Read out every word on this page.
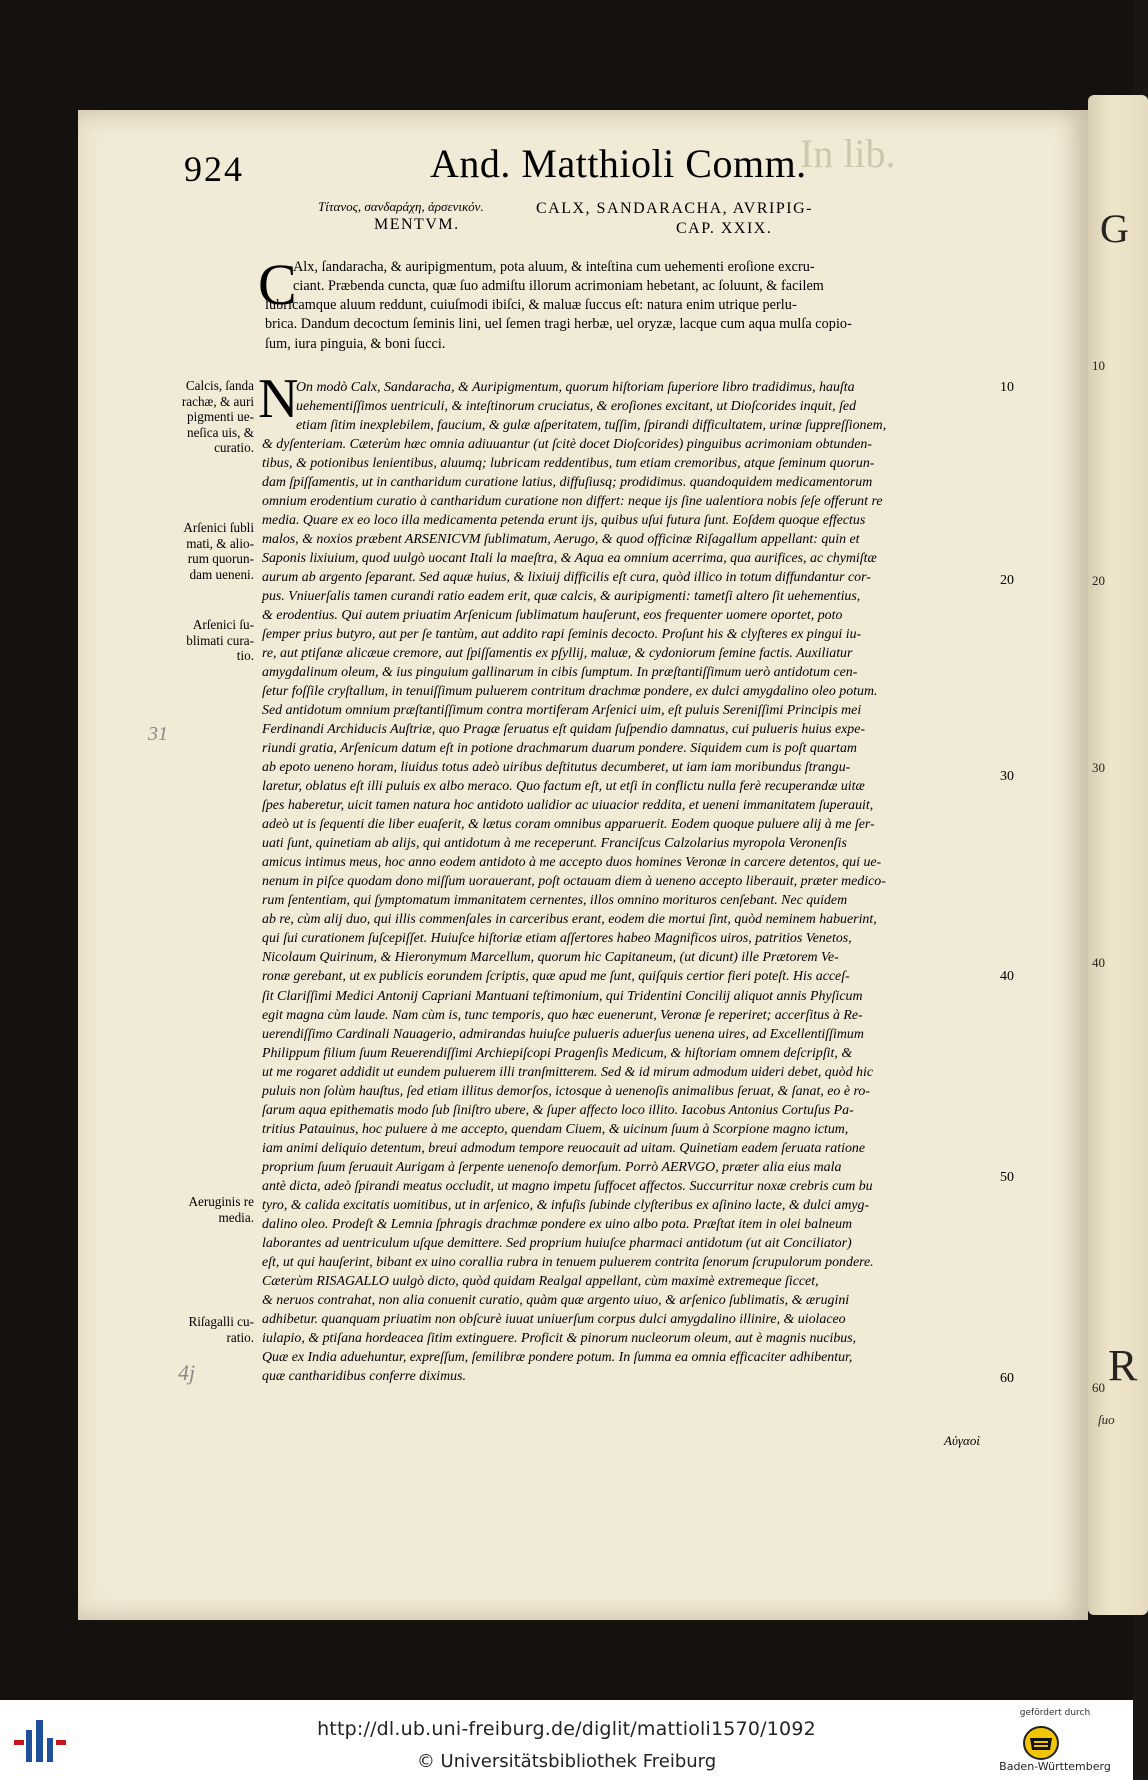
G
10
20
30
40
60 R
ſuo
924	And. Matthioli Comm.
In lib.
Τίτανος, σανδαράχη, ἀρσενικόν.
MENTVM.
CALX, SANDARACHA, AVRIPIG-
CAP. XXIX.
C
Alx, ſandaracha, & auripigmentum, pota aluum, & inteſtina cum uehementi eroſione excru-
ciant. Præbenda cuncta, quæ ſuo admiſtu illorum acrimoniam hebetant, ac ſoluunt, & facilem
lubricamque aluum reddunt, cuiuſmodi ibiſci, & maluæ ſuccus eſt: natura enim utrique perlu-
brica. Dandum decoctum ſeminis lini, uel ſemen tragi herbæ, uel oryzæ, lacque cum aqua mulſa copio-
ſum, iura pinguia, & boni ſucci.
N
On modò Calx, Sandaracha, & Auripigmentum, quorum hiſtoriam ſuperiore libro tradidimus, hauſta
uehementiſſimos uentriculi, & inteſtinorum cruciatus, & eroſiones excitant, ut Dioſcorides inquit, ſed
etiam ſitim inexplebilem, faucium, & gulæ aſperitatem, tuſſim, ſpirandi difficultatem, urinæ ſuppreſſionem,
& dyſenteriam. Cæterùm hæc omnia adiuuantur (ut ſcitè docet Dioſcorides) pinguibus acrimoniam obtunden-
tibus, & potionibus lenientibus, aluumq; lubricam reddentibus, tum etiam cremoribus, atque ſeminum quorun-
dam ſpiſſamentis, ut in cantharidum curatione latius, diffuſiusq; prodidimus. quandoquidem medicamentorum
omnium erodentium curatio à cantharidum curatione non differt: neque ijs ſine ualentiora nobis ſeſe offerunt re
media. Quare ex eo loco illa medicamenta petenda erunt ijs, quibus uſui futura ſunt. Eoſdem quoque effectus
malos, & noxios præbent ARSENICVM ſublimatum, Aerugo, & quod officinæ Riſagallum appellant: quin et
Saponis lixiuium, quod uulgò uocant Itali la maeſtra, & Aqua ea omnium acerrima, qua aurifices, ac chymiſtæ
aurum ab argento ſeparant. Sed aquæ huius, & lixiuij difficilis eſt cura, quòd illico in totum diffundantur cor-
pus. Vniuerſalis tamen curandi ratio eadem erit, quæ calcis, & auripigmenti: tametſi altero ſit uehementius,
& erodentius. Qui autem priuatim Arſenicum ſublimatum hauſerunt, eos frequenter uomere oportet, poto
ſemper prius butyro, aut per ſe tantùm, aut addito rapi ſeminis decocto. Proſunt his & clyſteres ex pingui iu-
re, aut ptiſanæ alicæue cremore, aut ſpiſſamentis ex pſyllij, maluæ, & cydoniorum ſemine factis. Auxiliatur
amygdalinum oleum, & ius pinguium gallinarum in cibis ſumptum. In præſtantiſſimum uerò antidotum cen-
ſetur foſſile cryſtallum, in tenuiſſimum puluerem contritum drachmæ pondere, ex dulci amygdalino oleo potum.
Sed antidotum omnium præſtantiſſimum contra mortiferam Arſenici uim, eſt puluis Sereniſſimi Principis mei
Ferdinandi Archiducis Auſtriæ, quo Pragæ ſeruatus eſt quidam ſuſpendio damnatus, cui pulueris huius expe-
riundi gratia, Arſenicum datum eſt in potione drachmarum duarum pondere. Siquidem cum is poſt quartam
ab epoto ueneno horam, liuidus totus adeò uiribus deſtitutus decumberet, ut iam iam moribundus ſtrangu-
laretur, oblatus eſt illi puluis ex albo meraco. Quo factum eſt, ut etſi in conflictu nulla ferè recuperandæ uitæ
ſpes haberetur, uicit tamen natura hoc antidoto ualidior ac uiuacior reddita, et ueneni immanitatem ſuperauit,
adeò ut is ſequenti die liber euaſerit, & lætus coram omnibus apparuerit. Eodem quoque puluere alij à me ſer-
uati ſunt, quinetiam ab alijs, qui antidotum à me receperunt. Franciſcus Calzolarius myropola Veronenſis
amicus intimus meus, hoc anno eodem antidoto à me accepto duos homines Veronæ in carcere detentos, qui ue-
nenum in piſce quodam dono miſſum uorauerant, poſt octauam diem à ueneno accepto liberauit, præter medico-
rum ſententiam, qui ſymptomatum immanitatem cernentes, illos omnino morituros cenſebant. Nec quidem
ab re, cùm alij duo, qui illis commenſales in carceribus erant, eodem die mortui ſint, quòd neminem habuerint,
qui ſui curationem ſuſcepiſſet. Huiuſce hiſtoriæ etiam aſſertores habeo Magnificos uiros, patritios Venetos,
Nicolaum Quirinum, & Hieronymum Marcellum, quorum hic Capitaneum, (ut dicunt) ille Prætorem Ve-
ronæ gerebant, ut ex publicis eorundem ſcriptis, quæ apud me ſunt, quiſquis certior fieri poteſt. His acceſ-
ſit Clariſſimi Medici Antonij Capriani Mantuani teſtimonium, qui Tridentini Concilij aliquot annis Phyſicum
egit magna cùm laude. Nam cùm is, tunc temporis, quo hæc euenerunt, Veronæ ſe reperiret; accerſitus à Re-
uerendiſſimo Cardinali Nauagerio, admirandas huiuſce pulueris aduerſus uenena uires, ad Excellentiſſimum
Philippum filium ſuum Reuerendiſſimi Archiepiſcopi Pragenſis Medicum, & hiſtoriam omnem deſcripſit, &
ut me rogaret addidit ut eundem puluerem illi tranſmitterem. Sed & id mirum admodum uideri debet, quòd hic
puluis non ſolùm hauſtus, ſed etiam illitus demorſos, ictosque à uenenoſis animalibus ſeruat, & ſanat, eo è ro-
ſarum aqua epithematis modo ſub ſiniſtro ubere, & ſuper affecto loco illito. Iacobus Antonius Cortuſus Pa-
tritius Patauinus, hoc puluere à me accepto, quendam Ciuem, & uicinum ſuum à Scorpione magno ictum,
iam animi deliquio detentum, breui admodum tempore reuocauit ad uitam. Quinetiam eadem ſeruata ratione
proprium ſuum ſeruauit Aurigam à ſerpente uenenoſo demorſum. Porrò AERVGO, præter alia eius mala
antè dicta, adeò ſpirandi meatus occludit, ut magno impetu ſuffocet affectos. Succurritur noxæ crebris cum bu
tyro, & calida excitatis uomitibus, ut in arſenico, & infuſis ſubinde clyſteribus ex aſinino lacte, & dulci amyg-
dalino oleo. Prodeſt & Lemnia ſphragis drachmæ pondere ex uino albo pota. Præſtat item in olei balneum
laborantes ad uentriculum uſque demittere. Sed proprium huiuſce pharmaci antidotum (ut ait Conciliator)
eſt, ut qui hauſerint, bibant ex uino corallia rubra in tenuem puluerem contrita ſenorum ſcrupulorum pondere.
Cæterùm RISAGALLO uulgò dicto, quòd quidam Realgal appellant, cùm maximè extremeque ſiccet,
& neruos contrahat, non alia conuenit curatio, quàm quæ argento uiuo, & arſenico ſublimatis, & ærugini
adhibetur. quanquam priuatim non obſcurè iuuat uniuerſum corpus dulci amygdalino illinire, & uiolaceo
iulapio, & ptiſana hordeacea ſitim extinguere. Proficit & pinorum nucleorum oleum, aut è magnis nucibus,
Quæ ex India aduehuntur, expreſſum, ſemilibræ pondere potum. In ſumma ea omnia efficaciter adhibentur,
quæ cantharidibus conferre diximus.
Calcis, ſanda
rachæ, & auri
pigmenti ue-
neſica uis, &
curatio.
Arſenici ſubli
mati, & alio-
rum quorun-
dam ueneni.
Arſenici ſu-
blimati cura-
tio.
Aeruginis re
media.
Riſagalli cu-
ratio.
10
20
30
40
50
60
Αὐγαοὶ
31
4j
http://dl.ub.uni-freiburg.de/diglit/mattioli1570/1092
© Universitätsbibliothek Freiburg
gefördert durch
Baden-Württemberg
